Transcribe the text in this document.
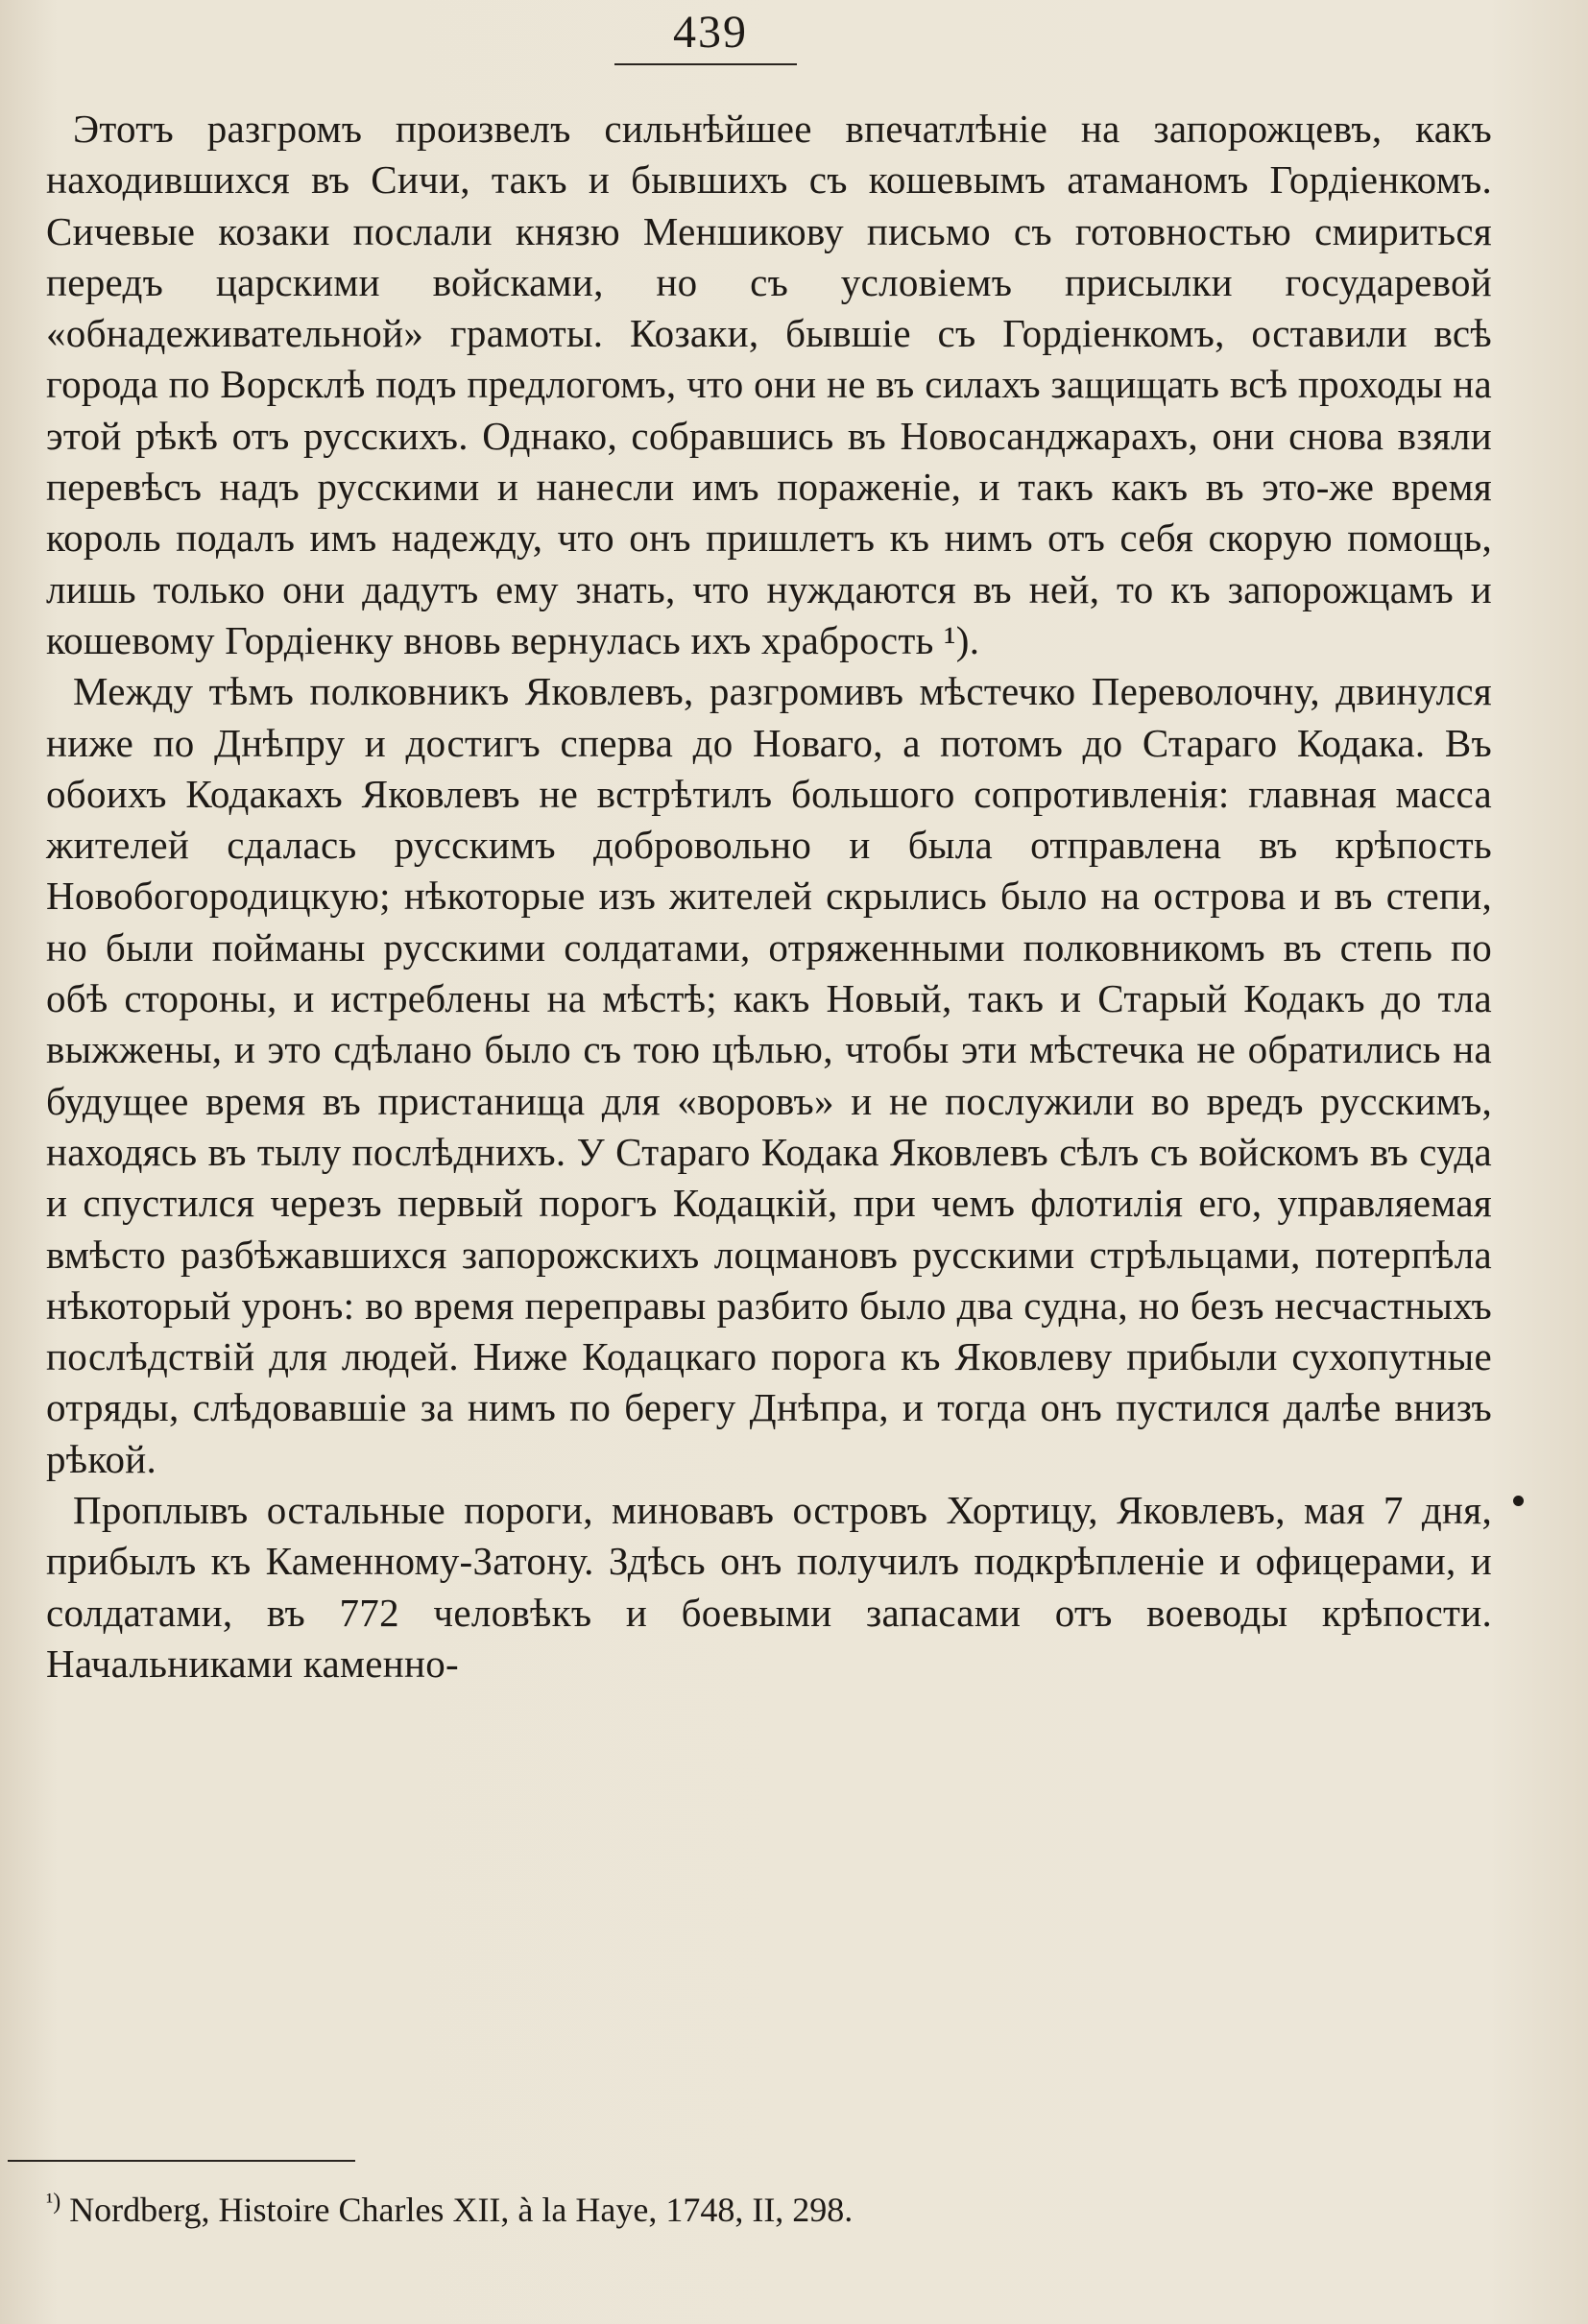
439

Этотъ разгромъ произвелъ сильнѣйшее впечатлѣніе на запорожцевъ, какъ находившихся въ Сичи, такъ и бывшихъ съ кошевымъ атаманомъ Гордіенкомъ. Сичевые козаки послали князю Меншикову письмо съ готовностью смириться передъ царскими войсками, но съ условіемъ присылки государевой «обнадеживательной» грамоты. Козаки, бывшіе съ Гордіенкомъ, оставили всѣ города по Ворсклѣ подъ предлогомъ, что они не въ силахъ защищать всѣ проходы на этой рѣкѣ отъ русскихъ. Однако, собравшись въ Новосанджарахъ, они снова взяли перевѣсъ надъ русскими и нанесли имъ пораженіе, и такъ какъ въ это-же время король подалъ имъ надежду, что онъ пришлетъ къ нимъ отъ себя скорую помощь, лишь только они дадутъ ему знать, что нуждаются въ ней, то къ запорожцамъ и кошевому Гордіенку вновь вернулась ихъ храбрость ¹).

Между тѣмъ полковникъ Яковлевъ, разгромивъ мѣстечко Переволочну, двинулся ниже по Днѣпру и достигъ сперва до Новаго, а потомъ до Стараго Кодака. Въ обоихъ Кодакахъ Яковлевъ не встрѣтилъ большого сопротивленія: главная масса жителей сдалась русскимъ добровольно и была отправлена въ крѣпость Новобогородицкую; нѣкоторые изъ жителей скрылись было на острова и въ степи, но были пойманы русскими солдатами, отряженными полковникомъ въ степь по обѣ стороны, и истреблены на мѣстѣ; какъ Новый, такъ и Старый Кодакъ до тла выжжены, и это сдѣлано было съ тою цѣлью, чтобы эти мѣстечка не обратились на будущее время въ пристанища для «воровъ» и не послужили во вредъ русскимъ, находясь въ тылу послѣднихъ. У Стараго Кодака Яковлевъ сѣлъ съ войскомъ въ суда и спустился черезъ первый порогъ Кодацкій, при чемъ флотилія его, управляемая вмѣсто разбѣжавшихся запорожскихъ лоцмановъ русскими стрѣльцами, потерпѣла нѣкоторый уронъ: во время переправы разбито было два судна, но безъ несчастныхъ послѣдствій для людей. Ниже Кодацкаго порога къ Яковлеву прибыли сухопутные отряды, слѣдовавшіе за нимъ по берегу Днѣпра, и тогда онъ пустился далѣе внизъ рѣкой.

Проплывъ остальные пороги, миновавъ островъ Хортицу, Яковлевъ, мая 7 дня, прибылъ къ Каменному-Затону. Здѣсь онъ получилъ подкрѣпленіе и офицерами, и солдатами, въ 772 человѣкъ и боевыми запасами отъ воеводы крѣпости. Начальниками каменно-

$^{^1)}$ Nordberg, Histoire Charles XII, à la Haye, 1748, II, 298.
